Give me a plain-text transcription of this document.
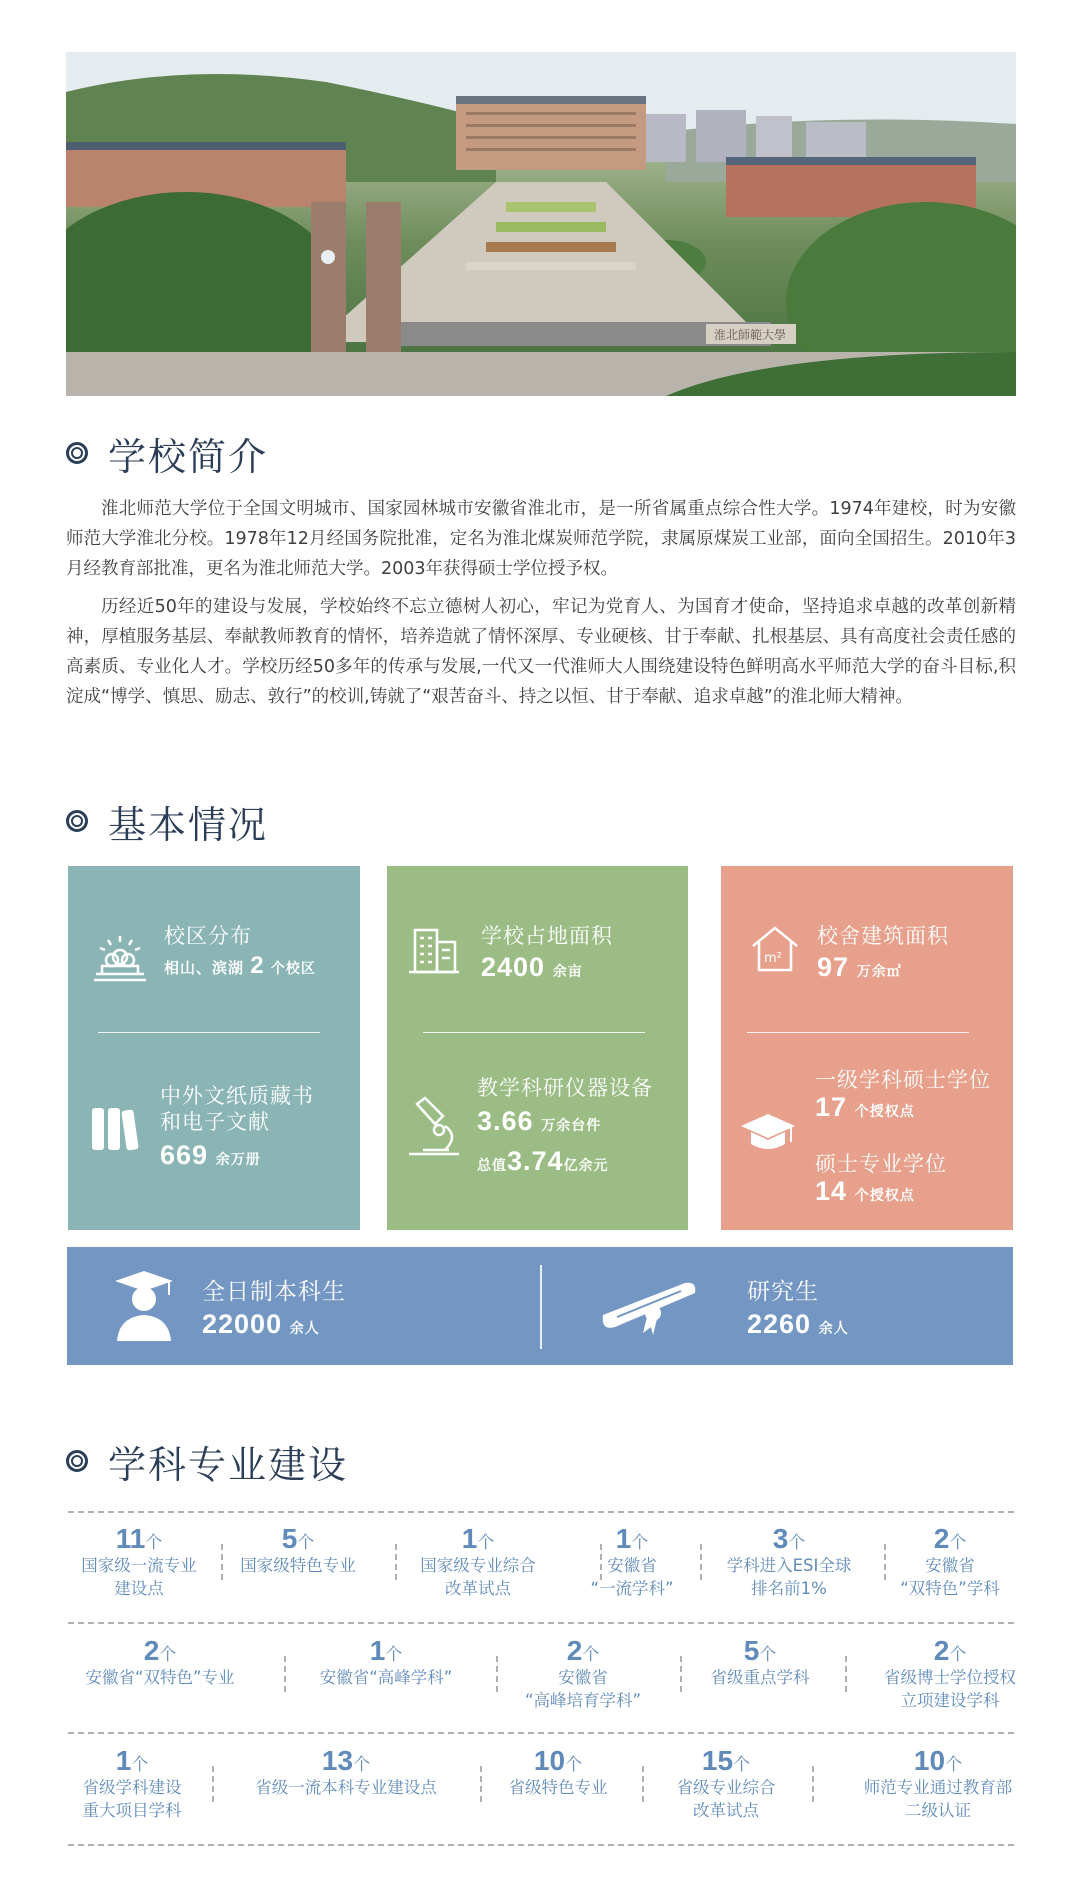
淮北師範大學
学校简介

淮北师范大学位于全国文明城市、国家园林城市安徽省淮北市，是一所省属重点综合性大学。1974年建校，时为安徽师范大学淮北分校。1978年12月经国务院批准，定名为淮北煤炭师范学院，隶属原煤炭工业部，面向全国招生。2010年3月经教育部批准，更名为淮北师范大学。2003年获得硕士学位授予权。

历经近50年的建设与发展，学校始终不忘立德树人初心，牢记为党育人、为国育才使命，坚持追求卓越的改革创新精神，厚植服务基层、奉献教师教育的情怀，培养造就了情怀深厚、专业硬核、甘于奉献、扎根基层、具有高度社会责任感的高素质、专业化人才。学校历经50多年的传承与发展,一代又一代淮师大人围绕建设特色鲜明高水平师范大学的奋斗目标,积淀成“博学、慎思、励志、敦行”的校训,铸就了“艰苦奋斗、持之以恒、甘于奉献、追求卓越”的淮北师大精神。

基本情况
校区分布
相山、滨湖 2 个校区
中外文纸质藏书
和电子文献
669 余万册
学校占地面积
2400 余亩
教学科研仪器设备
3.66 万余台件
总值3.74亿余元
m²
校舍建筑面积
97 万余㎡
一级学科硕士学位
17 个授权点
硕士专业学位
14 个授权点
全日制本科生
22000 余人
研究生
2260 余人
学科专业建设
11个
国家级一流专业
建设点
5个
国家级特色专业
1个
国家级专业综合
改革试点
1个
安徽省
“一流学科”
3个
学科进入ESI全球
排名前1%
2个
安徽省
“双特色”学科
2个
安徽省“双特色”专业
1个
安徽省“高峰学科”
2个
安徽省
“高峰培育学科”
5个
省级重点学科
2个
省级博士学位授权
立项建设学科
1个
省级学科建设
重大项目学科
13个
省级一流本科专业建设点
10个
省级特色专业
15个
省级专业综合
改革试点
10个
师范专业通过教育部
二级认证
